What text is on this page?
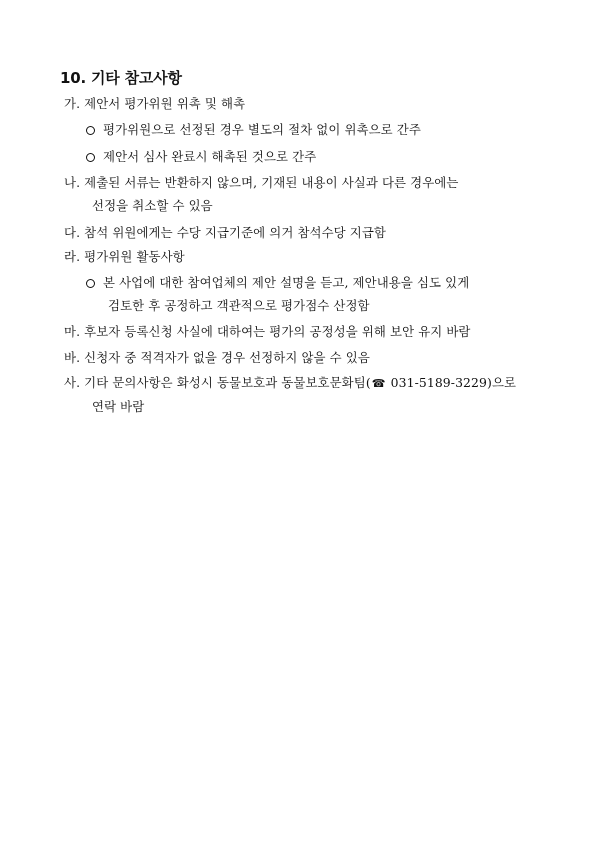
10. 기타 참고사항
가. 제안서 평가위원 위촉 및 해촉
평가위원으로 선정된 경우 별도의 절차 없이 위촉으로 간주
제안서 심사 완료시 해촉된 것으로 간주
나. 제출된 서류는 반환하지 않으며, 기재된 내용이 사실과 다른 경우에는
선정을 취소할 수 있음
다. 참석 위원에게는 수당 지급기준에 의거 참석수당 지급함
라. 평가위원 활동사항
본 사업에 대한 참여업체의 제안 설명을 듣고, 제안내용을 심도 있게
검토한 후 공정하고 객관적으로 평가점수 산정함
마. 후보자 등록신청 사실에 대하여는 평가의 공정성을 위해 보안 유지 바람
바. 신청자 중 적격자가 없을 경우 선정하지 않을 수 있음
사. 기타 문의사항은 화성시 동물보호과 동물보호문화팀(☎ 031-5189-3229)으로
연락 바람
